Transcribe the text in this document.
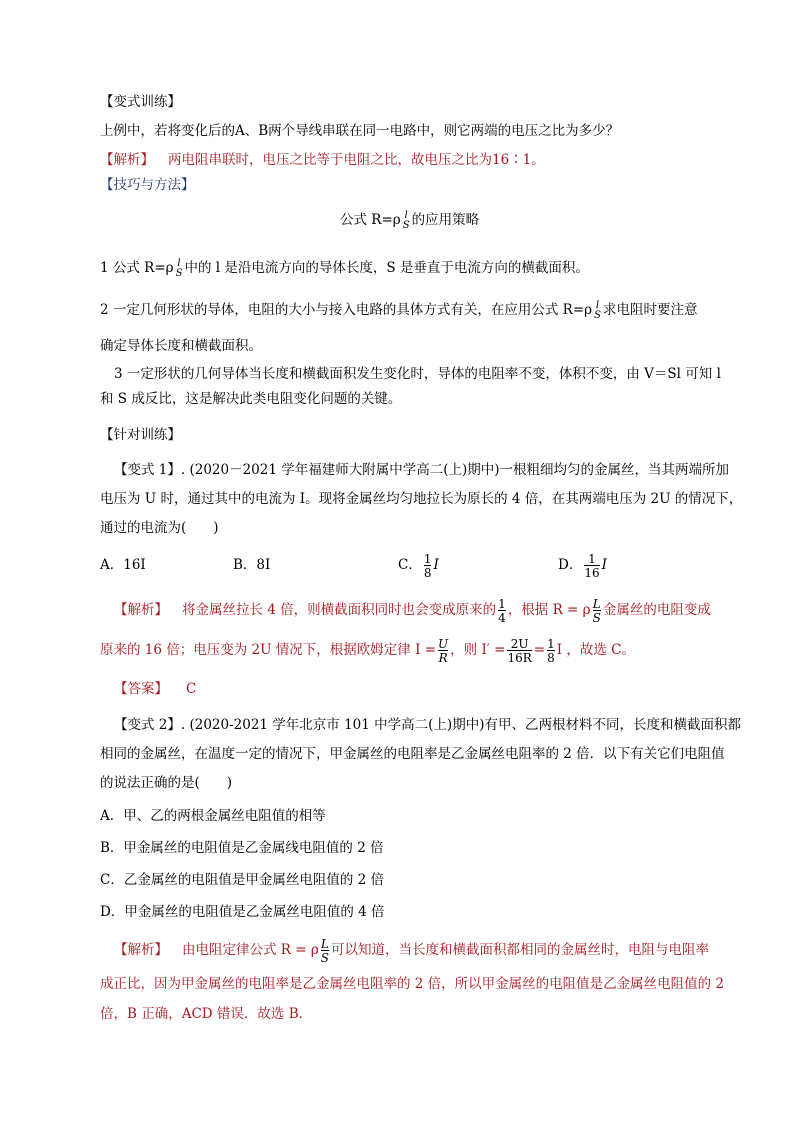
【变式训练】
上例中，若将变化后的A、B两个导线串联在同一电路中，则它两端的电压之比为多少？
【解析】 两电阻串联时，电压之比等于电阻之比，故电压之比为16∶1。
【技巧与方法】
公式 R=ρ l
S 的应用策略
1 公式 R=ρ l
S 中的 l 是沿电流方向的导体长度，S 是垂直于电流方向的横截面积。
2 一定几何形状的导体，电阻的大小与接入电路的具体方式有关，在应用公式 R=ρ l
S 求电阻时要注意
确定导体长度和横截面积。
3 一定形状的几何导体当长度和横截面积发生变化时，导体的电阻率不变，体积不变，由 V＝Sl 可知 l
和 S 成反比，这是解决此类电阻变化问题的关键。
【针对训练】
【变式 1】. (2020－2021 学年福建师大附属中学高二(上)期中)一根粗细均匀的金属丝，当其两端所加
电压为 U 时，通过其中的电流为 I。现将金属丝均匀地拉长为原长的 4 倍，在其两端电压为 2U 的情况下，
通过的电流为(　　)
A．16I	B．8I	C． $\frac{1}{8}$ I	D． $\frac{1}{16}$ I
【解析】 将金属丝拉长 4 倍，则横截面积同时也会变成原来的 $\frac{1}{4}$ ，根据 R = ρ $\frac{L}{S}$ 金属丝的电阻变成
原来的 16 倍；电压变为 2U 情况下，根据欧姆定律 $I = \frac{U}{R}$ ，则 $I' = \frac{2U}{16R} = \frac{1}{8}$ I ，故选 C。
【答案】 C
【变式 2】. (2020-2021 学年北京市 101 中学高二(上)期中)有甲、乙两根材料不同，长度和横截面积都
相同的金属丝，在温度一定的情况下，甲金属丝的电阻率是乙金属丝电阻率的 2 倍．以下有关它们电阻值
的说法正确的是(　　)
A．甲、乙的两根金属丝电阻值的相等
B．甲金属丝的电阻值是乙金属线电阻值的 2 倍
C．乙金属丝的电阻值是甲金属丝电阻值的 2 倍
D．甲金属丝的电阻值是乙金属丝电阻值的 4 倍
【解析】 由电阻定律公式 R = ρ $\frac{L}{S}$ 可以知道，当长度和横截面积都相同的金属丝时，电阻与电阻率
成正比，因为甲金属丝的电阻率是乙金属丝电阻率的 2 倍，所以甲金属丝的电阻值是乙金属丝电阻值的 2
倍，B 正确，ACD 错误．故选 B．
